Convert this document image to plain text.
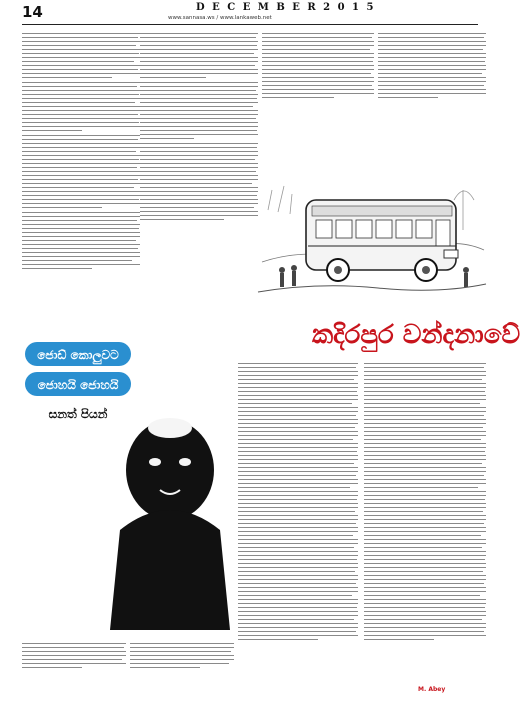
14	D E C E M B E R 2 0 1 5
www.sannasa.ws / www.lankaweb.net
කදිරපුර වන්දනාවේ
ජොඩ් කොලුවට
ජොහයි ජොහයි
සනත් පියන්
M. Abey
